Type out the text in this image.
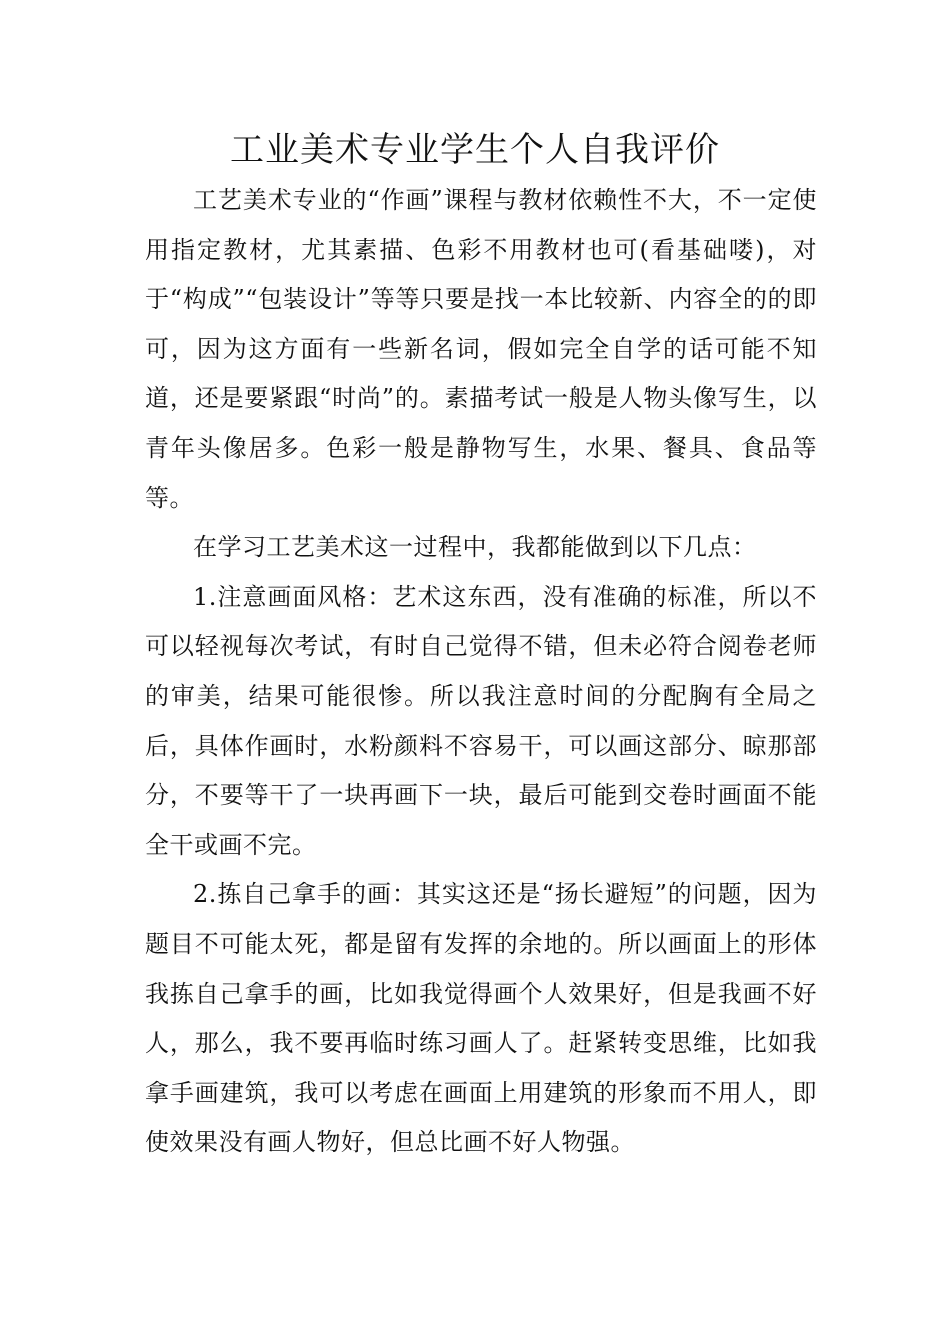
工业美术专业学生个人自我评价

工艺美术专业的“作画”课程与教材依赖性不大，不一定使用指定教材，尤其素描、色彩不用教材也可(看基础喽)，对于“构成”“包装设计”等等只要是找一本比较新、内容全的的即可，因为这方面有一些新名词，假如完全自学的话可能不知道，还是要紧跟“时尚”的。素描考试一般是人物头像写生，以青年头像居多。色彩一般是静物写生，水果、餐具、食品等等。

在学习工艺美术这一过程中，我都能做到以下几点：

1.注意画面风格：艺术这东西，没有准确的标准，所以不可以轻视每次考试，有时自己觉得不错，但未必符合阅卷老师的审美，结果可能很惨。所以我注意时间的分配胸有全局之后，具体作画时，水粉颜料不容易干，可以画这部分、晾那部分，不要等干了一块再画下一块，最后可能到交卷时画面不能全干或画不完。

2.拣自己拿手的画：其实这还是“扬长避短”的问题，因为题目不可能太死，都是留有发挥的余地的。所以画面上的形体我拣自己拿手的画，比如我觉得画个人效果好，但是我画不好人，那么，我不要再临时练习画人了。赶紧转变思维，比如我拿手画建筑，我可以考虑在画面上用建筑的形象而不用人，即使效果没有画人物好，但总比画不好人物强。
